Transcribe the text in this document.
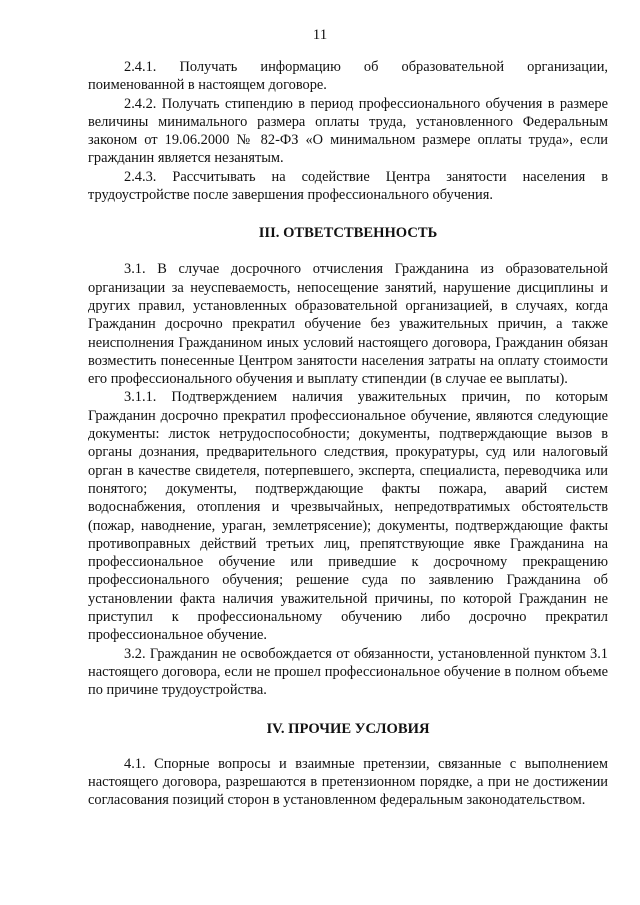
11

2.4.1. Получать информацию об образовательной организации, поименованной в настоящем договоре.

2.4.2. Получать стипендию в период профессионального обучения в размере величины минимального размера оплаты труда, установленного Федеральным законом от 19.06.2000 № 82-ФЗ «О минимальном размере оплаты труда», если гражданин является незанятым.

2.4.3. Рассчитывать на содействие Центра занятости населения в трудоустройстве после завершения профессионального обучения.

III. ОТВЕТСТВЕННОСТЬ

3.1. В случае досрочного отчисления Гражданина из образовательной организации за неуспеваемость, непосещение занятий, нарушение дисциплины и других правил, установленных образовательной организацией, в случаях, когда Гражданин досрочно прекратил обучение без уважительных причин, а также неисполнения Гражданином иных условий настоящего договора, Гражданин обязан возместить понесенные Центром занятости населения затраты на оплату стоимости его профессионального обучения и выплату стипендии (в случае ее выплаты).

3.1.1. Подтверждением наличия уважительных причин, по которым Гражданин досрочно прекратил профессиональное обучение, являются следующие документы: листок нетрудоспособности; документы, подтверждающие вызов в органы дознания, предварительного следствия, прокуратуры, суд или налоговый орган в качестве свидетеля, потерпевшего, эксперта, специалиста, переводчика или понятого; документы, подтверждающие факты пожара, аварий систем водоснабжения, отопления и чрезвычайных, непредотвратимых обстоятельств (пожар, наводнение, ураган, землетрясение); документы, подтверждающие факты противоправных действий третьих лиц, препятствующие явке Гражданина на профессиональное обучение или приведшие к досрочному прекращению профессионального обучения; решение суда по заявлению Гражданина об установлении факта наличия уважительной причины, по которой Гражданин не приступил к профессиональному обучению либо досрочно прекратил профессиональное обучение.

3.2. Гражданин не освобождается от обязанности, установленной пунктом 3.1 настоящего договора, если не прошел профессиональное обучение в полном объеме по причине трудоустройства.

IV. ПРОЧИЕ УСЛОВИЯ

4.1. Спорные вопросы и взаимные претензии, связанные с выполнением настоящего договора, разрешаются в претензионном порядке, а при не достижении согласования позиций сторон в установленном федеральным законодательством.
